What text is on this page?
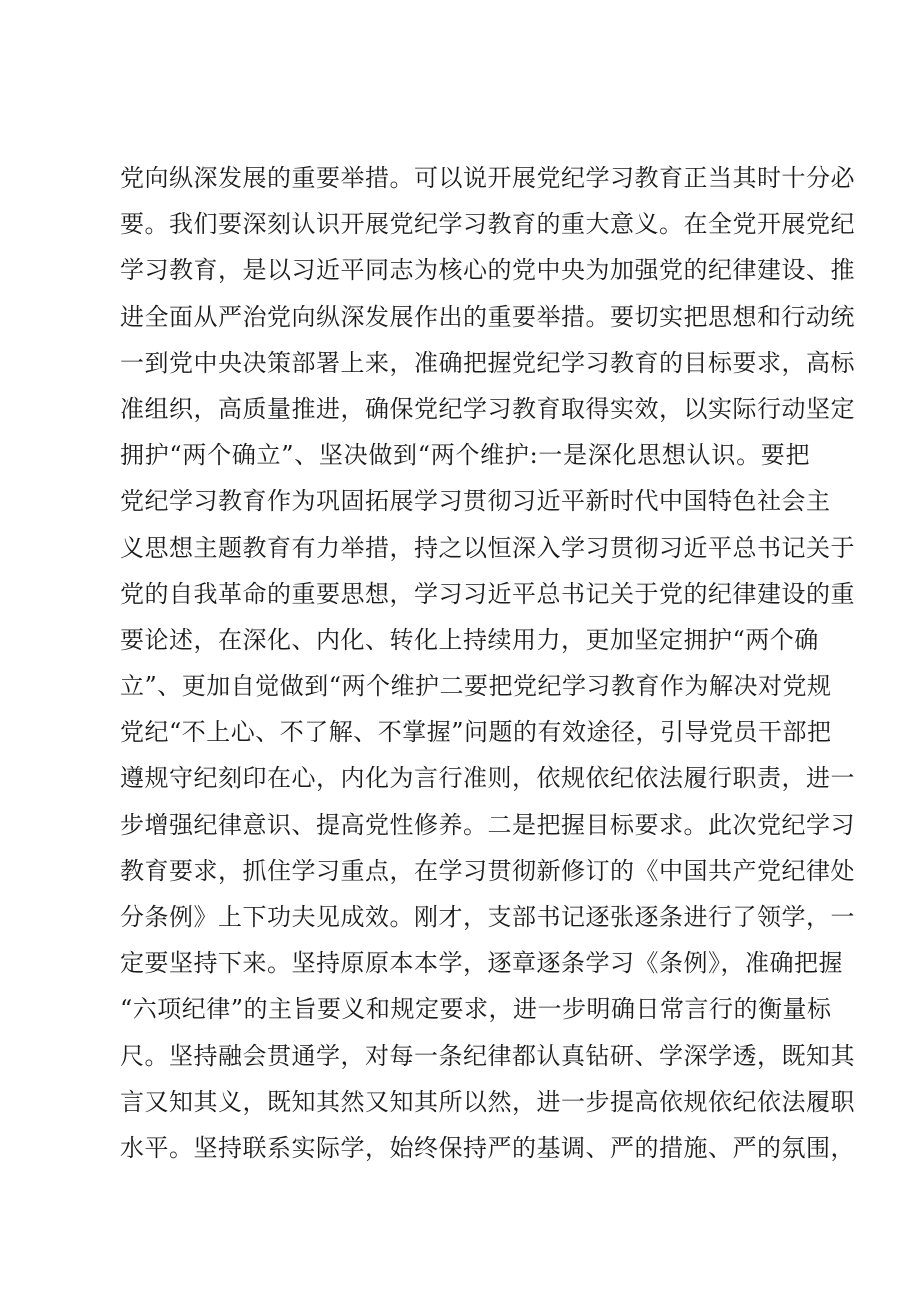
党向纵深发展的重要举措。可以说开展党纪学习教育正当其时十分必
要。我们要深刻认识开展党纪学习教育的重大意义。在全党开展党纪
学习教育，是以习近平同志为核心的党中央为加强党的纪律建设、推
进全面从严治党向纵深发展作出的重要举措。要切实把思想和行动统
一到党中央决策部署上来，准确把握党纪学习教育的目标要求，高标
准组织，高质量推进，确保党纪学习教育取得实效，以实际行动坚定
拥护“两个确立”、坚决做到“两个维护:一是深化思想认识。要把
党纪学习教育作为巩固拓展学习贯彻习近平新时代中国特色社会主
义思想主题教育有力举措，持之以恒深入学习贯彻习近平总书记关于
党的自我革命的重要思想，学习习近平总书记关于党的纪律建设的重
要论述，在深化、内化、转化上持续用力，更加坚定拥护“两个确
立”、更加自觉做到“两个维护二要把党纪学习教育作为解决对党规
党纪“不上心、不了解、不掌握”问题的有效途径，引导党员干部把
遵规守纪刻印在心，内化为言行准则，依规依纪依法履行职责，进一
步增强纪律意识、提高党性修养。二是把握目标要求。此次党纪学习
教育要求，抓住学习重点，在学习贯彻新修订的《中国共产党纪律处
分条例》上下功夫见成效。刚才，支部书记逐张逐条进行了领学，一
定要坚持下来。坚持原原本本学，逐章逐条学习《条例》，准确把握
“六项纪律”的主旨要义和规定要求，进一步明确日常言行的衡量标
尺。坚持融会贯通学，对每一条纪律都认真钻研、学深学透，既知其
言又知其义，既知其然又知其所以然，进一步提高依规依纪依法履职
水平。坚持联系实际学，始终保持严的基调、严的措施、严的氛围，
